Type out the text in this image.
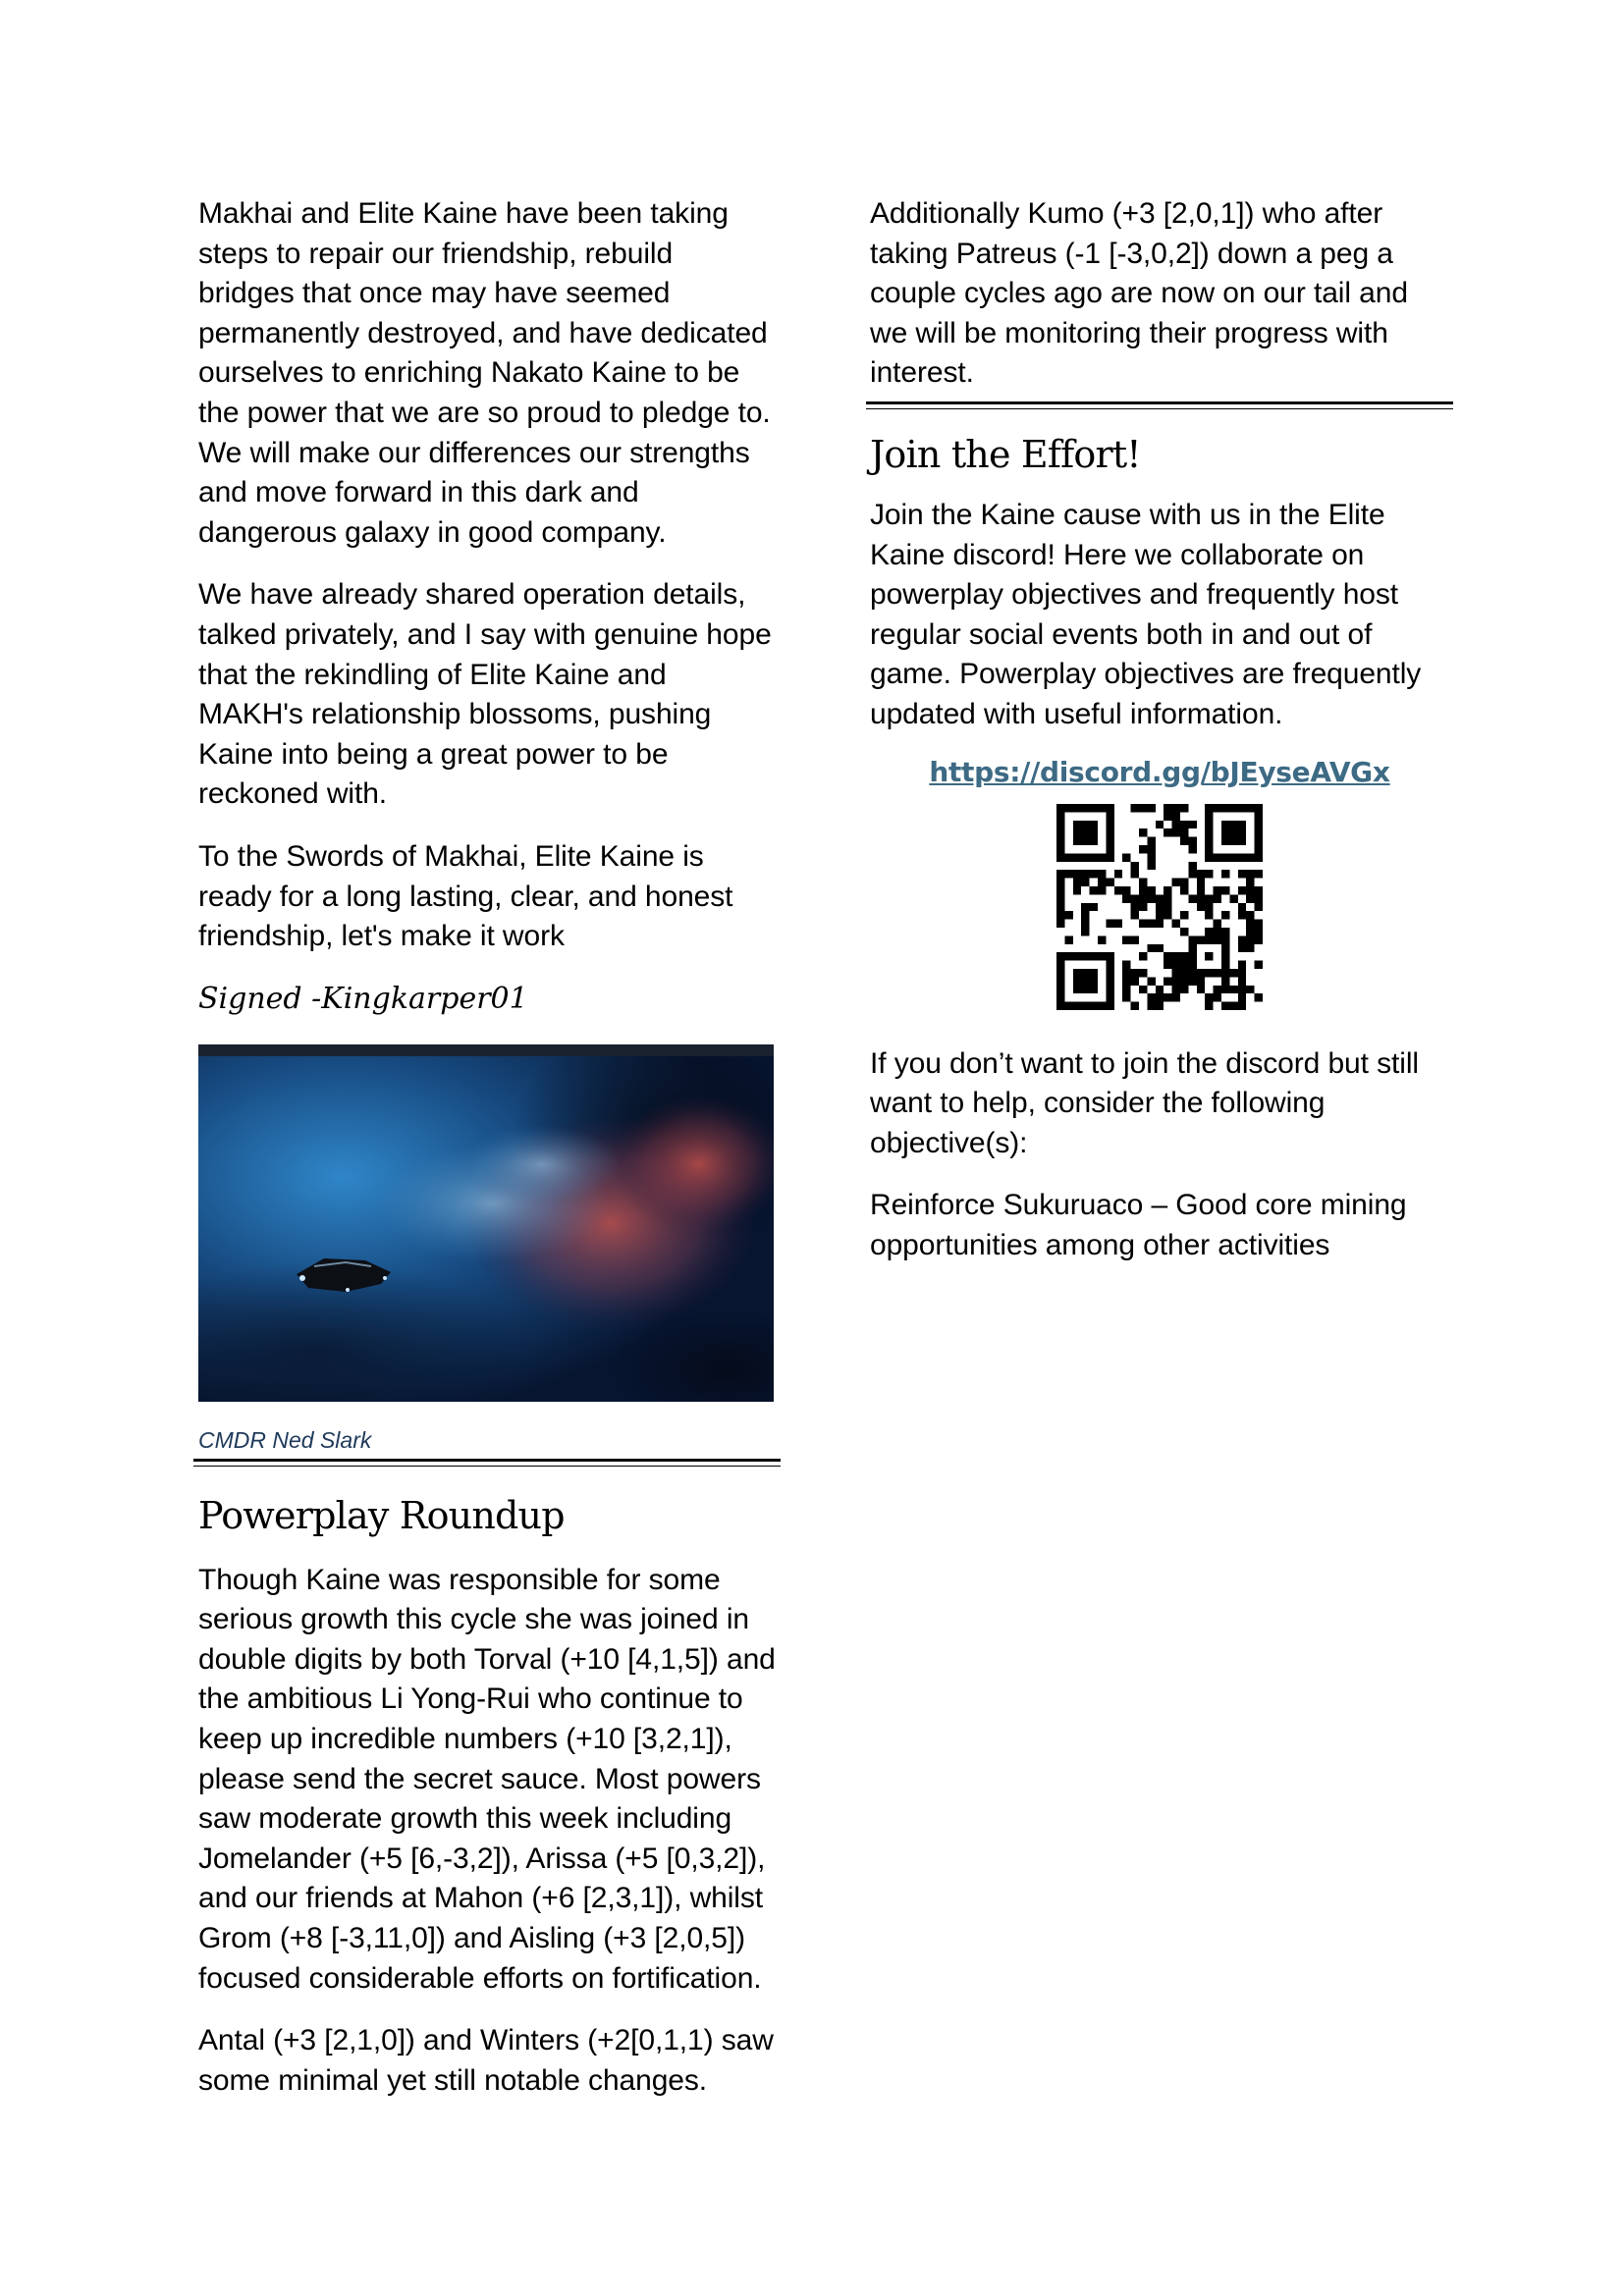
Makhai and Elite Kaine have been taking steps to repair our friendship, rebuild bridges that once may have seemed permanently destroyed, and have dedicated ourselves to enriching Nakato Kaine to be the power that we are so proud to pledge to. We will make our differences our strengths and move forward in this dark and dangerous galaxy in good company.

We have already shared operation details, talked privately, and I say with genuine hope that the rekindling of Elite Kaine and MAKH's relationship blossoms, pushing Kaine into being a great power to be reckoned with.

To the Swords of Makhai, Elite Kaine is ready for a long lasting, clear, and honest friendship, let's make it work

Signed -Kingkarper01
CMDR Ned Slark
Powerplay Roundup

Though Kaine was responsible for some serious growth this cycle she was joined in double digits by both Torval (+10 [4,1,5]) and the ambitious Li Yong-Rui who continue to keep up incredible numbers (+10 [3,2,1]), please send the secret sauce. Most powers saw moderate growth this week including Jomelander (+5 [6,-3,2]), Arissa (+5 [0,3,2]), and our friends at Mahon (+6 [2,3,1]), whilst Grom (+8 [-3,11,0]) and Aisling (+3 [2,0,5]) focused considerable efforts on fortification.

Antal (+3 [2,1,0]) and Winters (+2[0,1,1) saw some minimal yet still notable changes.

Additionally Kumo (+3 [2,0,1]) who after taking Patreus (-1 [-3,0,2]) down a peg a couple cycles ago are now on our tail and we will be monitoring their progress with interest.

Join the Effort!

Join the Kaine cause with us in the Elite Kaine discord! Here we collaborate on powerplay objectives and frequently host regular social events both in and out of game. Powerplay objectives are frequently updated with useful information.

https://discord.gg/bJEyseAVGx

If you don’t want to join the discord but still want to help, consider the following objective(s):

Reinforce Sukuruaco – Good core mining opportunities among other activities
